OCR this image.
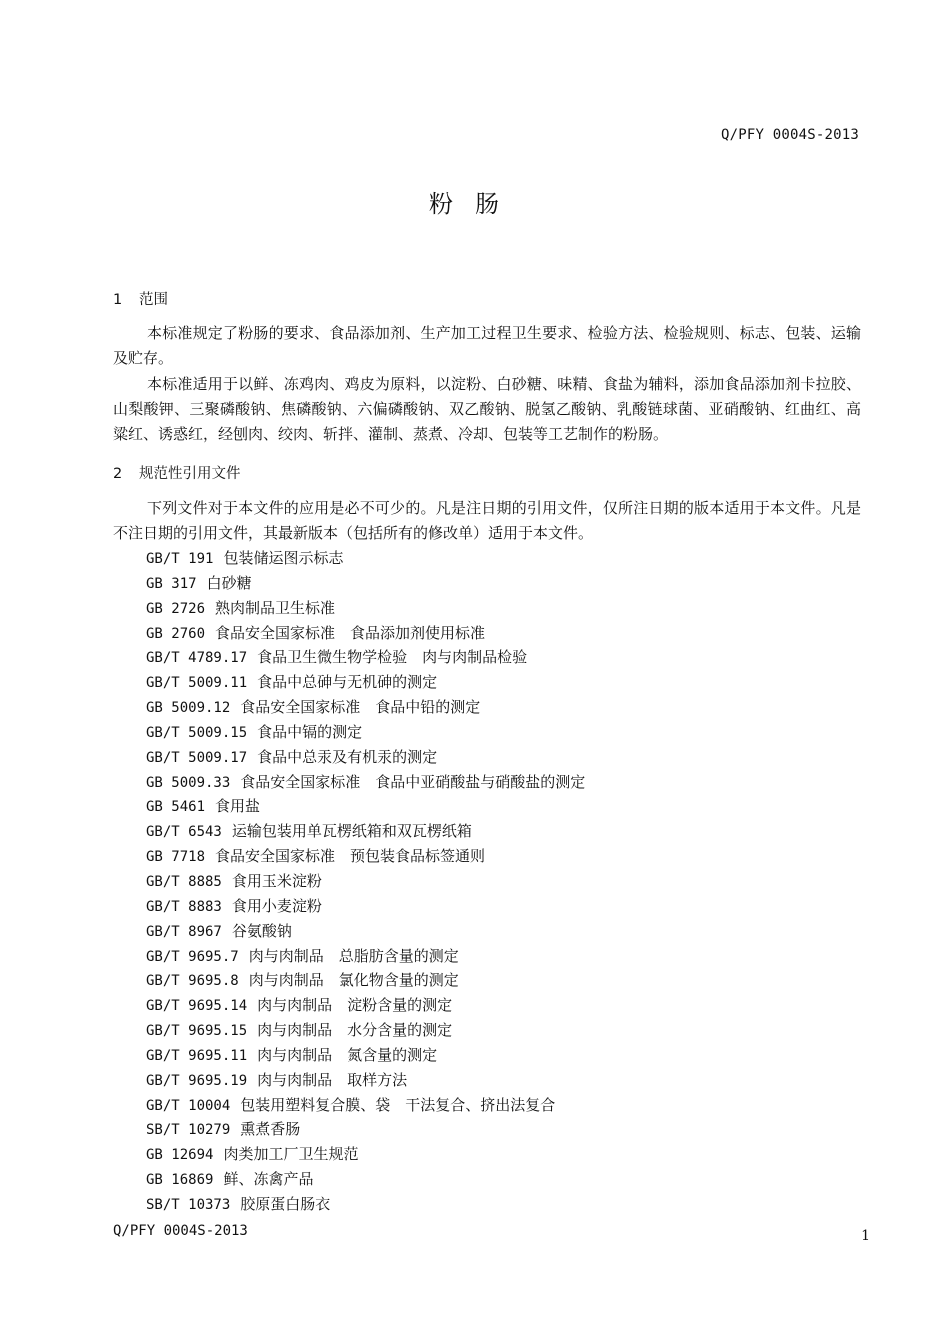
Q/PFY 0004S-2013
粉肠
1 范围

本标准规定了粉肠的要求、食品添加剂、生产加工过程卫生要求、检验方法、检验规则、标志、包装、运输及贮存。

本标准适用于以鲜、冻鸡肉、鸡皮为原料，以淀粉、白砂糖、味精、食盐为辅料，添加食品添加剂卡拉胶、山梨酸钾、三聚磷酸钠、焦磷酸钠、六偏磷酸钠、双乙酸钠、脱氢乙酸钠、乳酸链球菌、亚硝酸钠、红曲红、高粱红、诱惑红，经刨肉、绞肉、斩拌、灌制、蒸煮、冷却、包装等工艺制作的粉肠。

2 规范性引用文件

下列文件对于本文件的应用是必不可少的。凡是注日期的引用文件，仅所注日期的版本适用于本文件。凡是不注日期的引用文件，其最新版本（包括所有的修改单）适用于本文件。

GB/T 191 包装储运图示标志
GB 317 白砂糖
GB 2726 熟肉制品卫生标准
GB 2760 食品安全国家标准　食品添加剂使用标准
GB/T 4789.17 食品卫生微生物学检验　肉与肉制品检验
GB/T 5009.11 食品中总砷与无机砷的测定
GB 5009.12 食品安全国家标准　食品中铅的测定
GB/T 5009.15 食品中镉的测定
GB/T 5009.17 食品中总汞及有机汞的测定
GB 5009.33 食品安全国家标准　食品中亚硝酸盐与硝酸盐的测定
GB 5461 食用盐
GB/T 6543 运输包装用单瓦楞纸箱和双瓦楞纸箱
GB 7718 食品安全国家标准　预包装食品标签通则
GB/T 8885 食用玉米淀粉
GB/T 8883 食用小麦淀粉
GB/T 8967 谷氨酸钠
GB/T 9695.7 肉与肉制品　总脂肪含量的测定
GB/T 9695.8 肉与肉制品　氯化物含量的测定
GB/T 9695.14 肉与肉制品　淀粉含量的测定
GB/T 9695.15 肉与肉制品　水分含量的测定
GB/T 9695.11 肉与肉制品　氮含量的测定
GB/T 9695.19 肉与肉制品　取样方法
GB/T 10004 包装用塑料复合膜、袋　干法复合、挤出法复合
SB/T 10279 熏煮香肠
GB 12694 肉类加工厂卫生规范
GB 16869 鲜、冻禽产品
SB/T 10373 胶原蛋白肠衣
Q/PFY 0004S-2013	1
